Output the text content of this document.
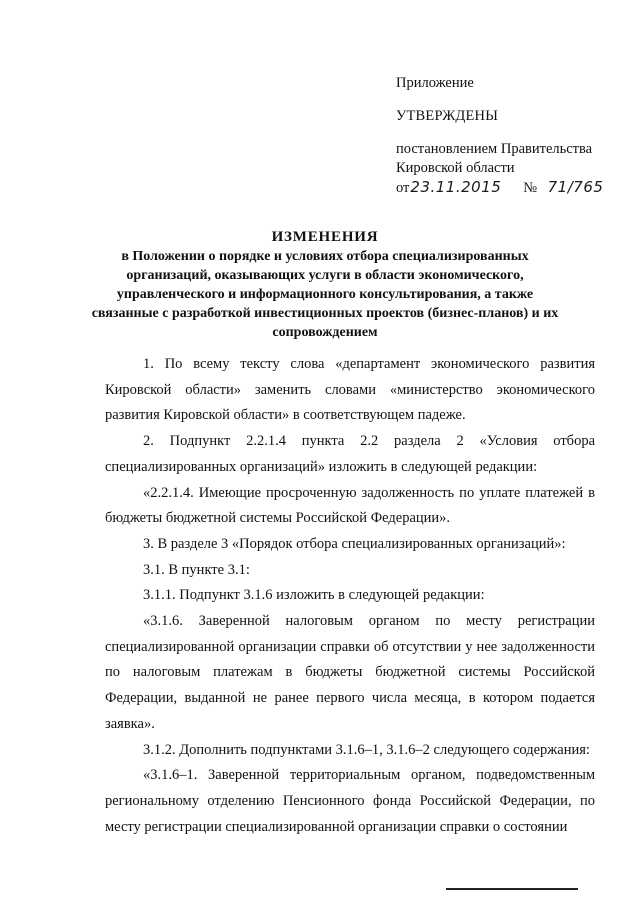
Приложение

УТВЕРЖДЕНЫ

постановлением Правительства Кировской области

от 23.11.2015 № 71/765

ИЗМЕНЕНИЯ

в Положении о порядке и условиях отбора специализированных организаций, оказывающих услуги в области экономического, управленческого и информационного консультирования, а также связанные с разработкой инвестиционных проектов (бизнес-планов) и их сопровождением

1. По всему тексту слова «департамент экономического развития Кировской области» заменить словами «министерство экономического развития Кировской области» в соответствующем падеже.

2. Подпункт 2.2.1.4 пункта 2.2 раздела 2 «Условия отбора специализированных организаций» изложить в следующей редакции:

«2.2.1.4. Имеющие просроченную задолженность по уплате платежей в бюджеты бюджетной системы Российской Федерации».

3. В разделе 3 «Порядок отбора специализированных организаций»:

3.1. В пункте 3.1:

3.1.1. Подпункт 3.1.6 изложить в следующей редакции:

«3.1.6. Заверенной налоговым органом по месту регистрации специализированной организации справки об отсутствии у нее задолженности по налоговым платежам в бюджеты бюджетной системы Российской Федерации, выданной не ранее первого числа месяца, в котором подается заявка».

3.1.2. Дополнить подпунктами 3.1.6–1, 3.1.6–2 следующего содержания:

«3.1.6–1. Заверенной территориальным органом, подведомственным региональному отделению Пенсионного фонда Российской Федерации, по месту регистрации специализированной организации справки о состоянии
